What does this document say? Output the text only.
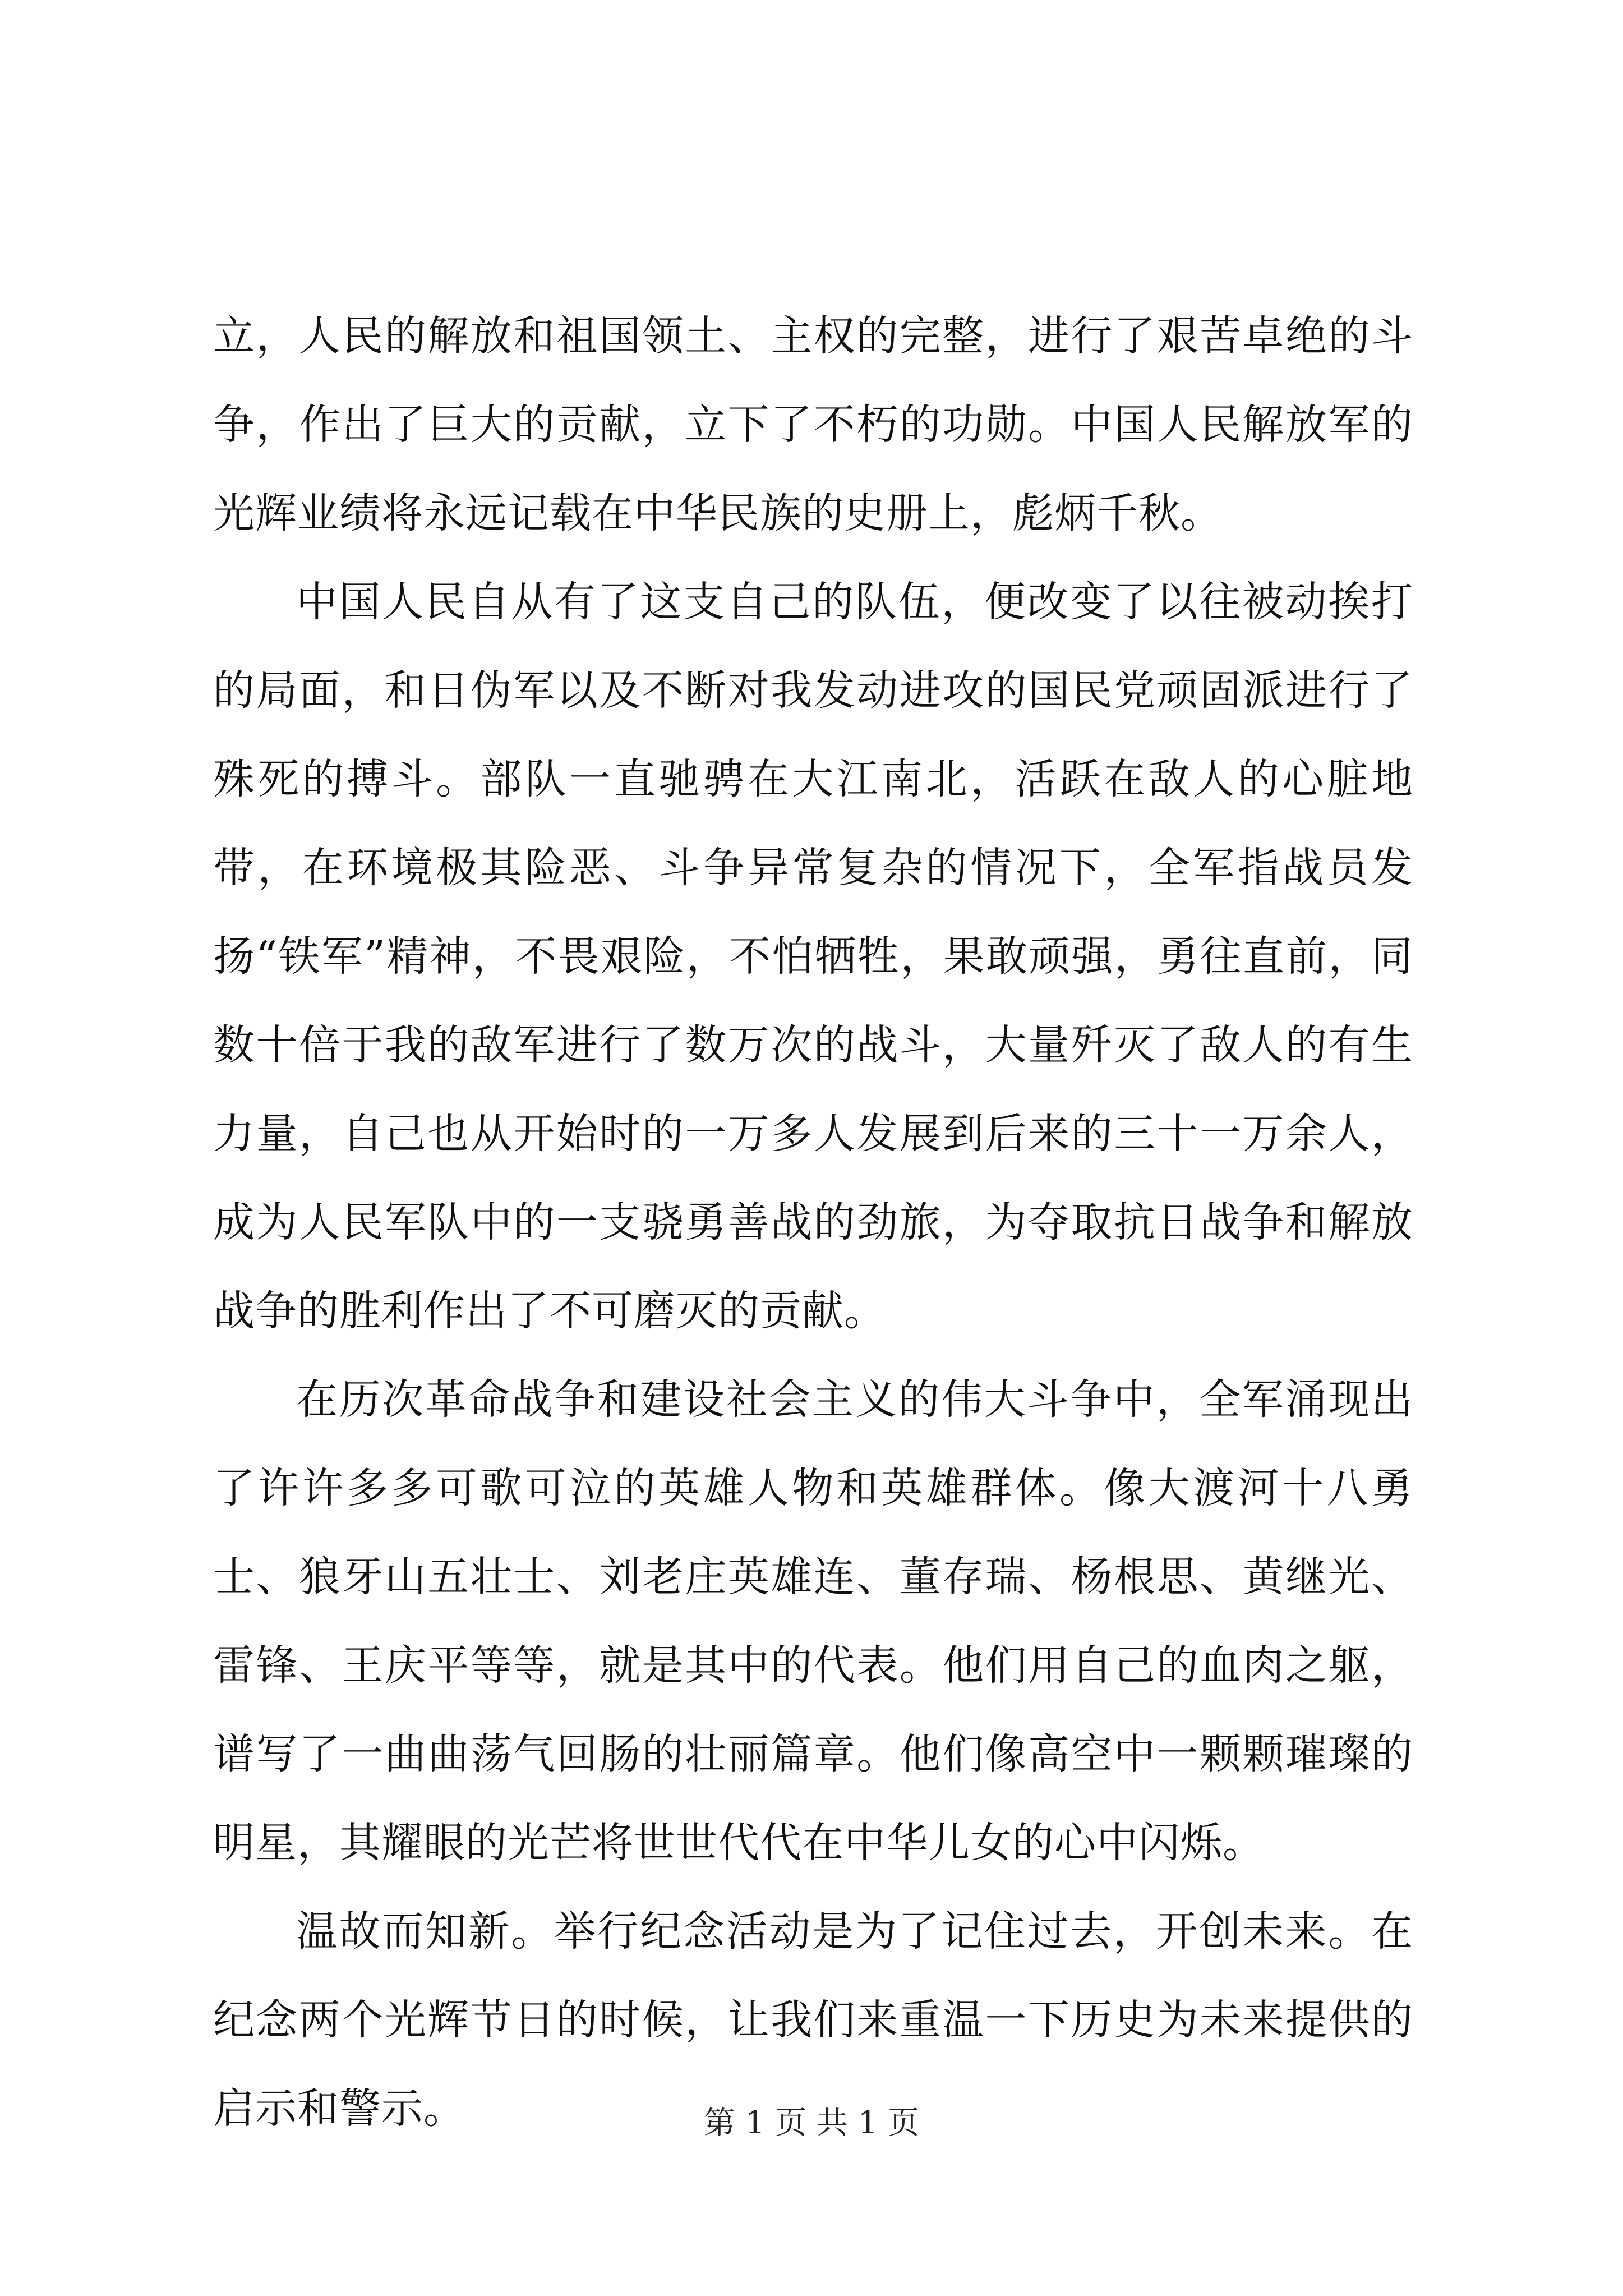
立，人民的解放和祖国领土、主权的完整，进行了艰苦卓绝的斗争，作出了巨大的贡献，立下了不朽的功勋。中国人民解放军的光辉业绩将永远记载在中华民族的史册上，彪炳千秋。

中国人民自从有了这支自己的队伍，便改变了以往被动挨打的局面，和日伪军以及不断对我发动进攻的国民党顽固派进行了殊死的搏斗。部队一直驰骋在大江南北，活跃在敌人的心脏地带，在环境极其险恶、斗争异常复杂的情况下，全军指战员发扬“铁军”精神，不畏艰险，不怕牺牲，果敢顽强，勇往直前，同数十倍于我的敌军进行了数万次的战斗，大量歼灭了敌人的有生力量，自己也从开始时的一万多人发展到后来的三十一万余人，成为人民军队中的一支骁勇善战的劲旅，为夺取抗日战争和解放战争的胜利作出了不可磨灭的贡献。

在历次革命战争和建设社会主义的伟大斗争中，全军涌现出了许许多多可歌可泣的英雄人物和英雄群体。像大渡河十八勇士、狼牙山五壮士、刘老庄英雄连、董存瑞、杨根思、黄继光、雷锋、王庆平等等，就是其中的代表。他们用自己的血肉之躯，谱写了一曲曲荡气回肠的壮丽篇章。他们像高空中一颗颗璀璨的明星，其耀眼的光芒将世世代代在中华儿女的心中闪烁。

温故而知新。举行纪念活动是为了记住过去，开创未来。在纪念两个光辉节日的时候，让我们来重温一下历史为未来提供的启示和警示。	第 1 页 共 1 页
